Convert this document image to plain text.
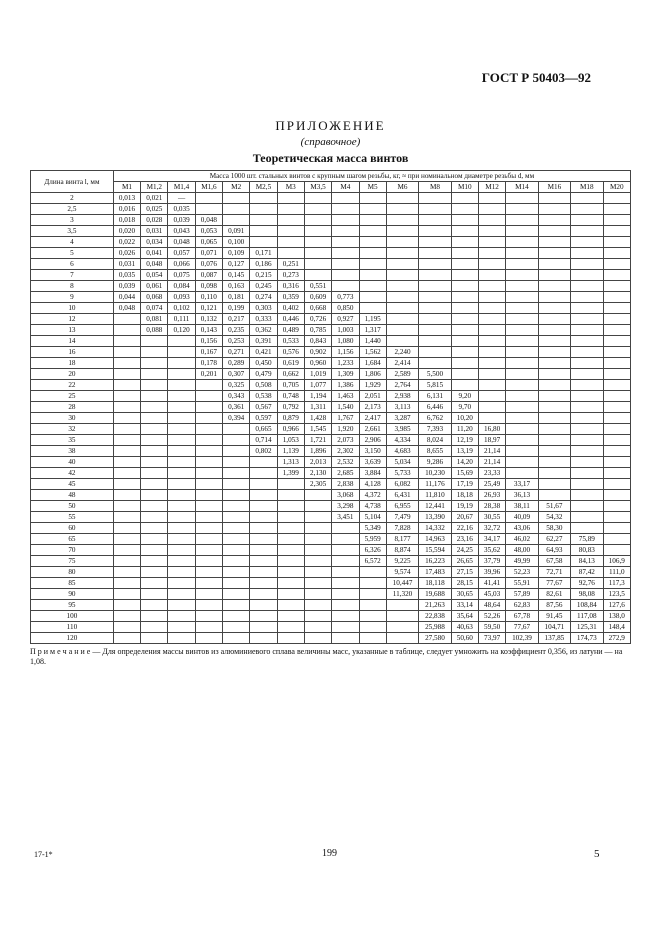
ГОСТ Р 50403—92
ПРИЛОЖЕНИЕ
(справочное)
Теоретическая масса винтов
Длина винта l, мм	Масса 1000 шт. стальных винтов с крупным шагом резьбы, кг, ≈ при номинальном диаметре резьбы d, мм																	
	М1	М1,2	М1,4	М1,6	М2	М2,5	М3	М3,5	М4	М5	М6	М8	М10	М12	М14	М16	М18	М20
2	0,013	0,021	—															
2,5	0,016	0,025	0,035															
3	0,018	0,028	0,039	0,048														
3,5	0,020	0,031	0,043	0,053	0,091													
4	0,022	0,034	0,048	0,065	0,100													
5	0,026	0,041	0,057	0,071	0,109	0,171												
6	0,031	0,048	0,066	0,076	0,127	0,186	0,251											
7	0,035	0,054	0,075	0,087	0,145	0,215	0,273											
8	0,039	0,061	0,084	0,098	0,163	0,245	0,316	0,551										
9	0,044	0,068	0,093	0,110	0,181	0,274	0,359	0,609	0,773									
10	0,048	0,074	0,102	0,121	0,199	0,303	0,402	0,668	0,850									
12		0,081	0,111	0,132	0,217	0,333	0,446	0,726	0,927	1,195								
13		0,088	0,120	0,143	0,235	0,362	0,489	0,785	1,003	1,317								
14				0,156	0,253	0,391	0,533	0,843	1,080	1,440								
16				0,167	0,271	0,421	0,576	0,902	1,156	1,562	2,240							
18				0,178	0,289	0,450	0,619	0,960	1,233	1,684	2,414							
20				0,201	0,307	0,479	0,662	1,019	1,309	1,806	2,589	5,500						
22					0,325	0,508	0,705	1,077	1,386	1,929	2,764	5,815						
25					0,343	0,538	0,748	1,194	1,463	2,051	2,938	6,131	9,20					
28					0,361	0,567	0,792	1,311	1,540	2,173	3,113	6,446	9,70					
30					0,394	0,597	0,879	1,428	1,767	2,417	3,287	6,762	10,20					
32						0,665	0,966	1,545	1,920	2,661	3,985	7,393	11,20	16,80				
35						0,714	1,053	1,721	2,073	2,906	4,334	8,024	12,19	18,97				
38						0,802	1,139	1,896	2,302	3,150	4,683	8,655	13,19	21,14				
40							1,313	2,013	2,532	3,639	5,034	9,286	14,20	21,14				
42							1,399	2,130	2,685	3,884	5,733	10,230	15,69	23,33				
45								2,305	2,838	4,128	6,082	11,176	17,19	25,49	33,17			
48									3,068	4,372	6,431	11,810	18,18	26,93	36,13			
50									3,298	4,738	6,955	12,441	19,19	28,38	38,11	51,67		
55									3,451	5,104	7,479	13,390	20,67	30,55	40,09	54,32		
60										5,349	7,828	14,332	22,16	32,72	43,06	58,30		
65										5,959	8,177	14,963	23,16	34,17	46,02	62,27	75,89	
70										6,326	8,874	15,594	24,25	35,62	48,00	64,93	80,83	
75										6,572	9,225	16,223	26,65	37,79	49,99	67,58	84,13	106,9
80											9,574	17,483	27,15	39,96	52,23	72,71	87,42	111,0
85											10,447	18,118	28,15	41,41	55,91	77,67	92,76	117,3
90											11,320	19,688	30,65	45,03	57,89	82,61	98,08	123,5
95												21,263	33,14	48,64	62,83	87,56	108,84	127,6
100												22,838	35,64	52,26	67,78	91,45	117,08	138,0
110												25,988	40,63	59,50	77,67	104,71	125,31	148,4
120												27,580	50,60	73,97	102,39	137,85	174,73	272,9
П р и м е ч а н и е — Для определения массы винтов из алюминиевого сплава величины масс, указанные в таблице, следует умножить на коэффициент 0,356, из латуни — на 1,08.
17-1*	199	5
